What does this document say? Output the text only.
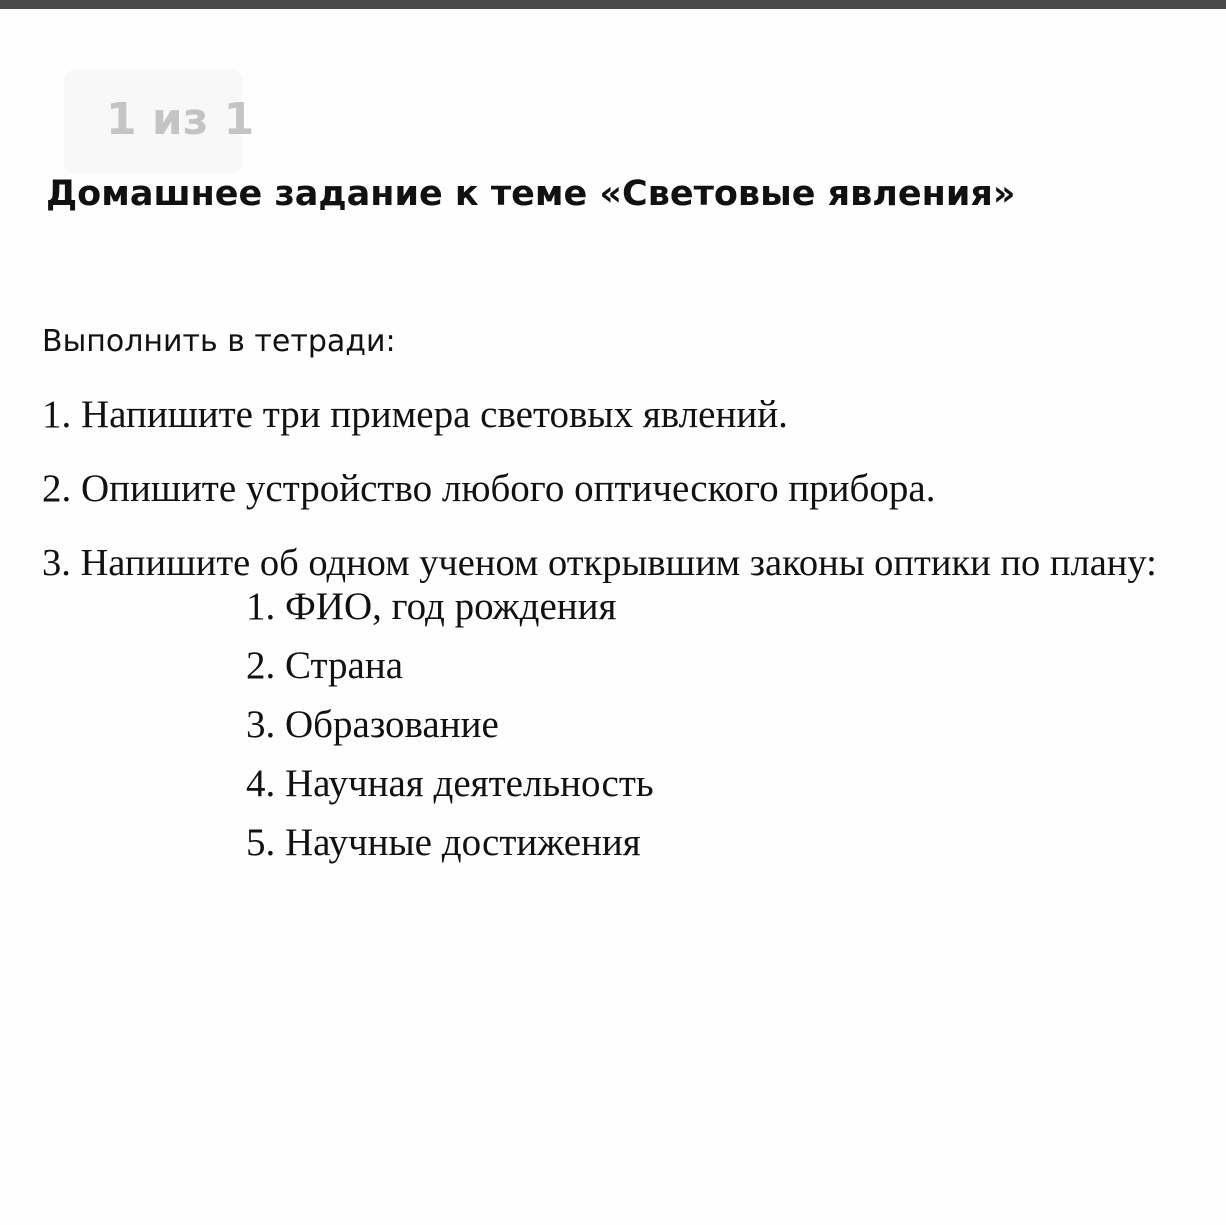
1 из 1
Домашнее задание к теме «Световые явления»
Выполнить в тетради:
1. Напишите три примера световых явлений.
2. Опишите устройство любого оптического прибора.
3. Напишите об одном ученом открывшим законы оптики по плану:
1. ФИО, год рождения
2. Страна
3. Образование
4. Научная деятельность
5. Научные достижения
